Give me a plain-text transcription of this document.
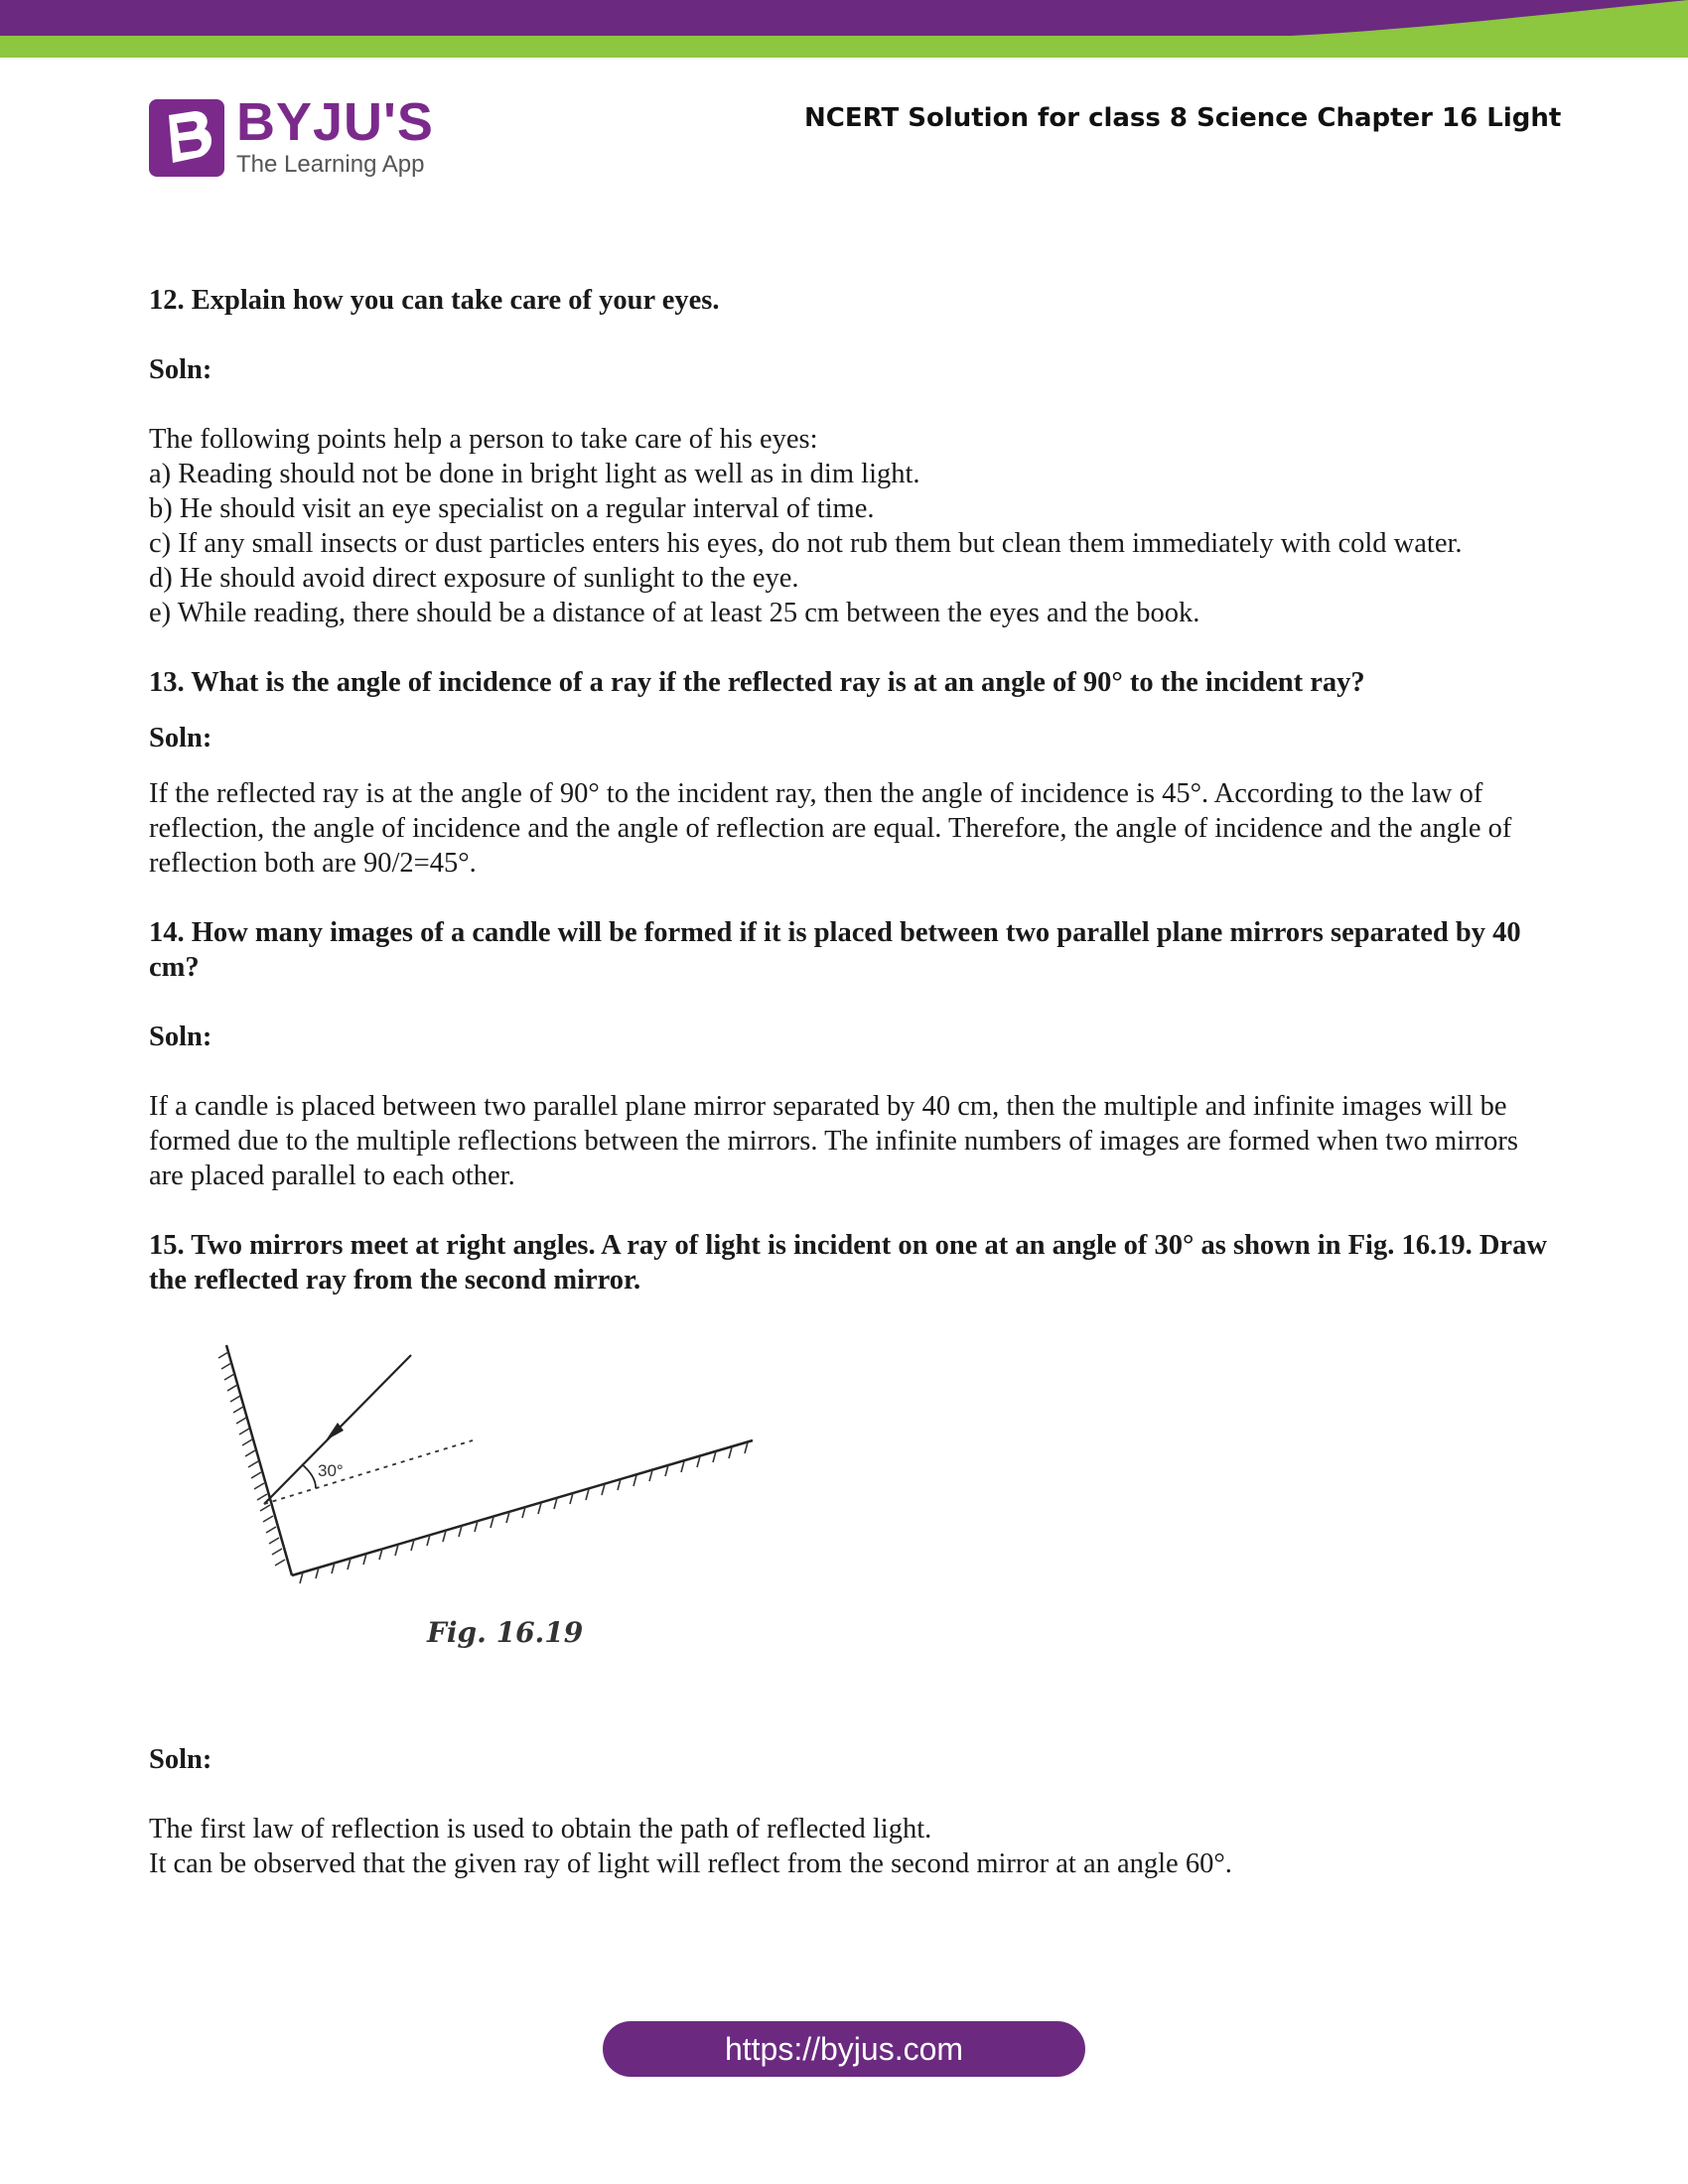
BYJU'S
The Learning App
NCERT Solution for class 8 Science Chapter 16 Light

12. Explain how you can take care of your eyes.

Soln:

The following points help a person to take care of his eyes:

a) Reading should not be done in bright light as well as in dim light.

b) He should visit an eye specialist on a regular interval of time.

c) If any small insects or dust particles enters his eyes, do not rub them but clean them immediately with cold water.

d) He should avoid direct exposure of sunlight to the eye.

e) While reading, there should be a distance of at least 25 cm between the eyes and the book.

13. What is the angle of incidence of a ray if the reflected ray is at an angle of 90° to the incident ray?

Soln:

If the reflected ray is at the angle of 90° to the incident ray, then the angle of incidence is 45°. According to the law of reflection, the angle of incidence and the angle of reflection are equal. Therefore, the angle of incidence and the angle of reflection both are 90/2=45°.

14. How many images of a candle will be formed if it is placed between two parallel plane mirrors separated by 40 cm?

Soln:

If a candle is placed between two parallel plane mirror separated by 40 cm, then the multiple and infinite images will be formed due to the multiple reflections between the mirrors. The infinite numbers of images are formed when two mirrors are placed parallel to each other.

15. Two mirrors meet at right angles. A ray of light is incident on one at an angle of 30° as shown in Fig. 16.19. Draw the reflected ray from the second mirror.

30°
Fig. 16.19

Soln:

The first law of reflection is used to obtain the path of reflected light.

It can be observed that the given ray of light will reflect from the second mirror at an angle 60°.

https://byjus.com
